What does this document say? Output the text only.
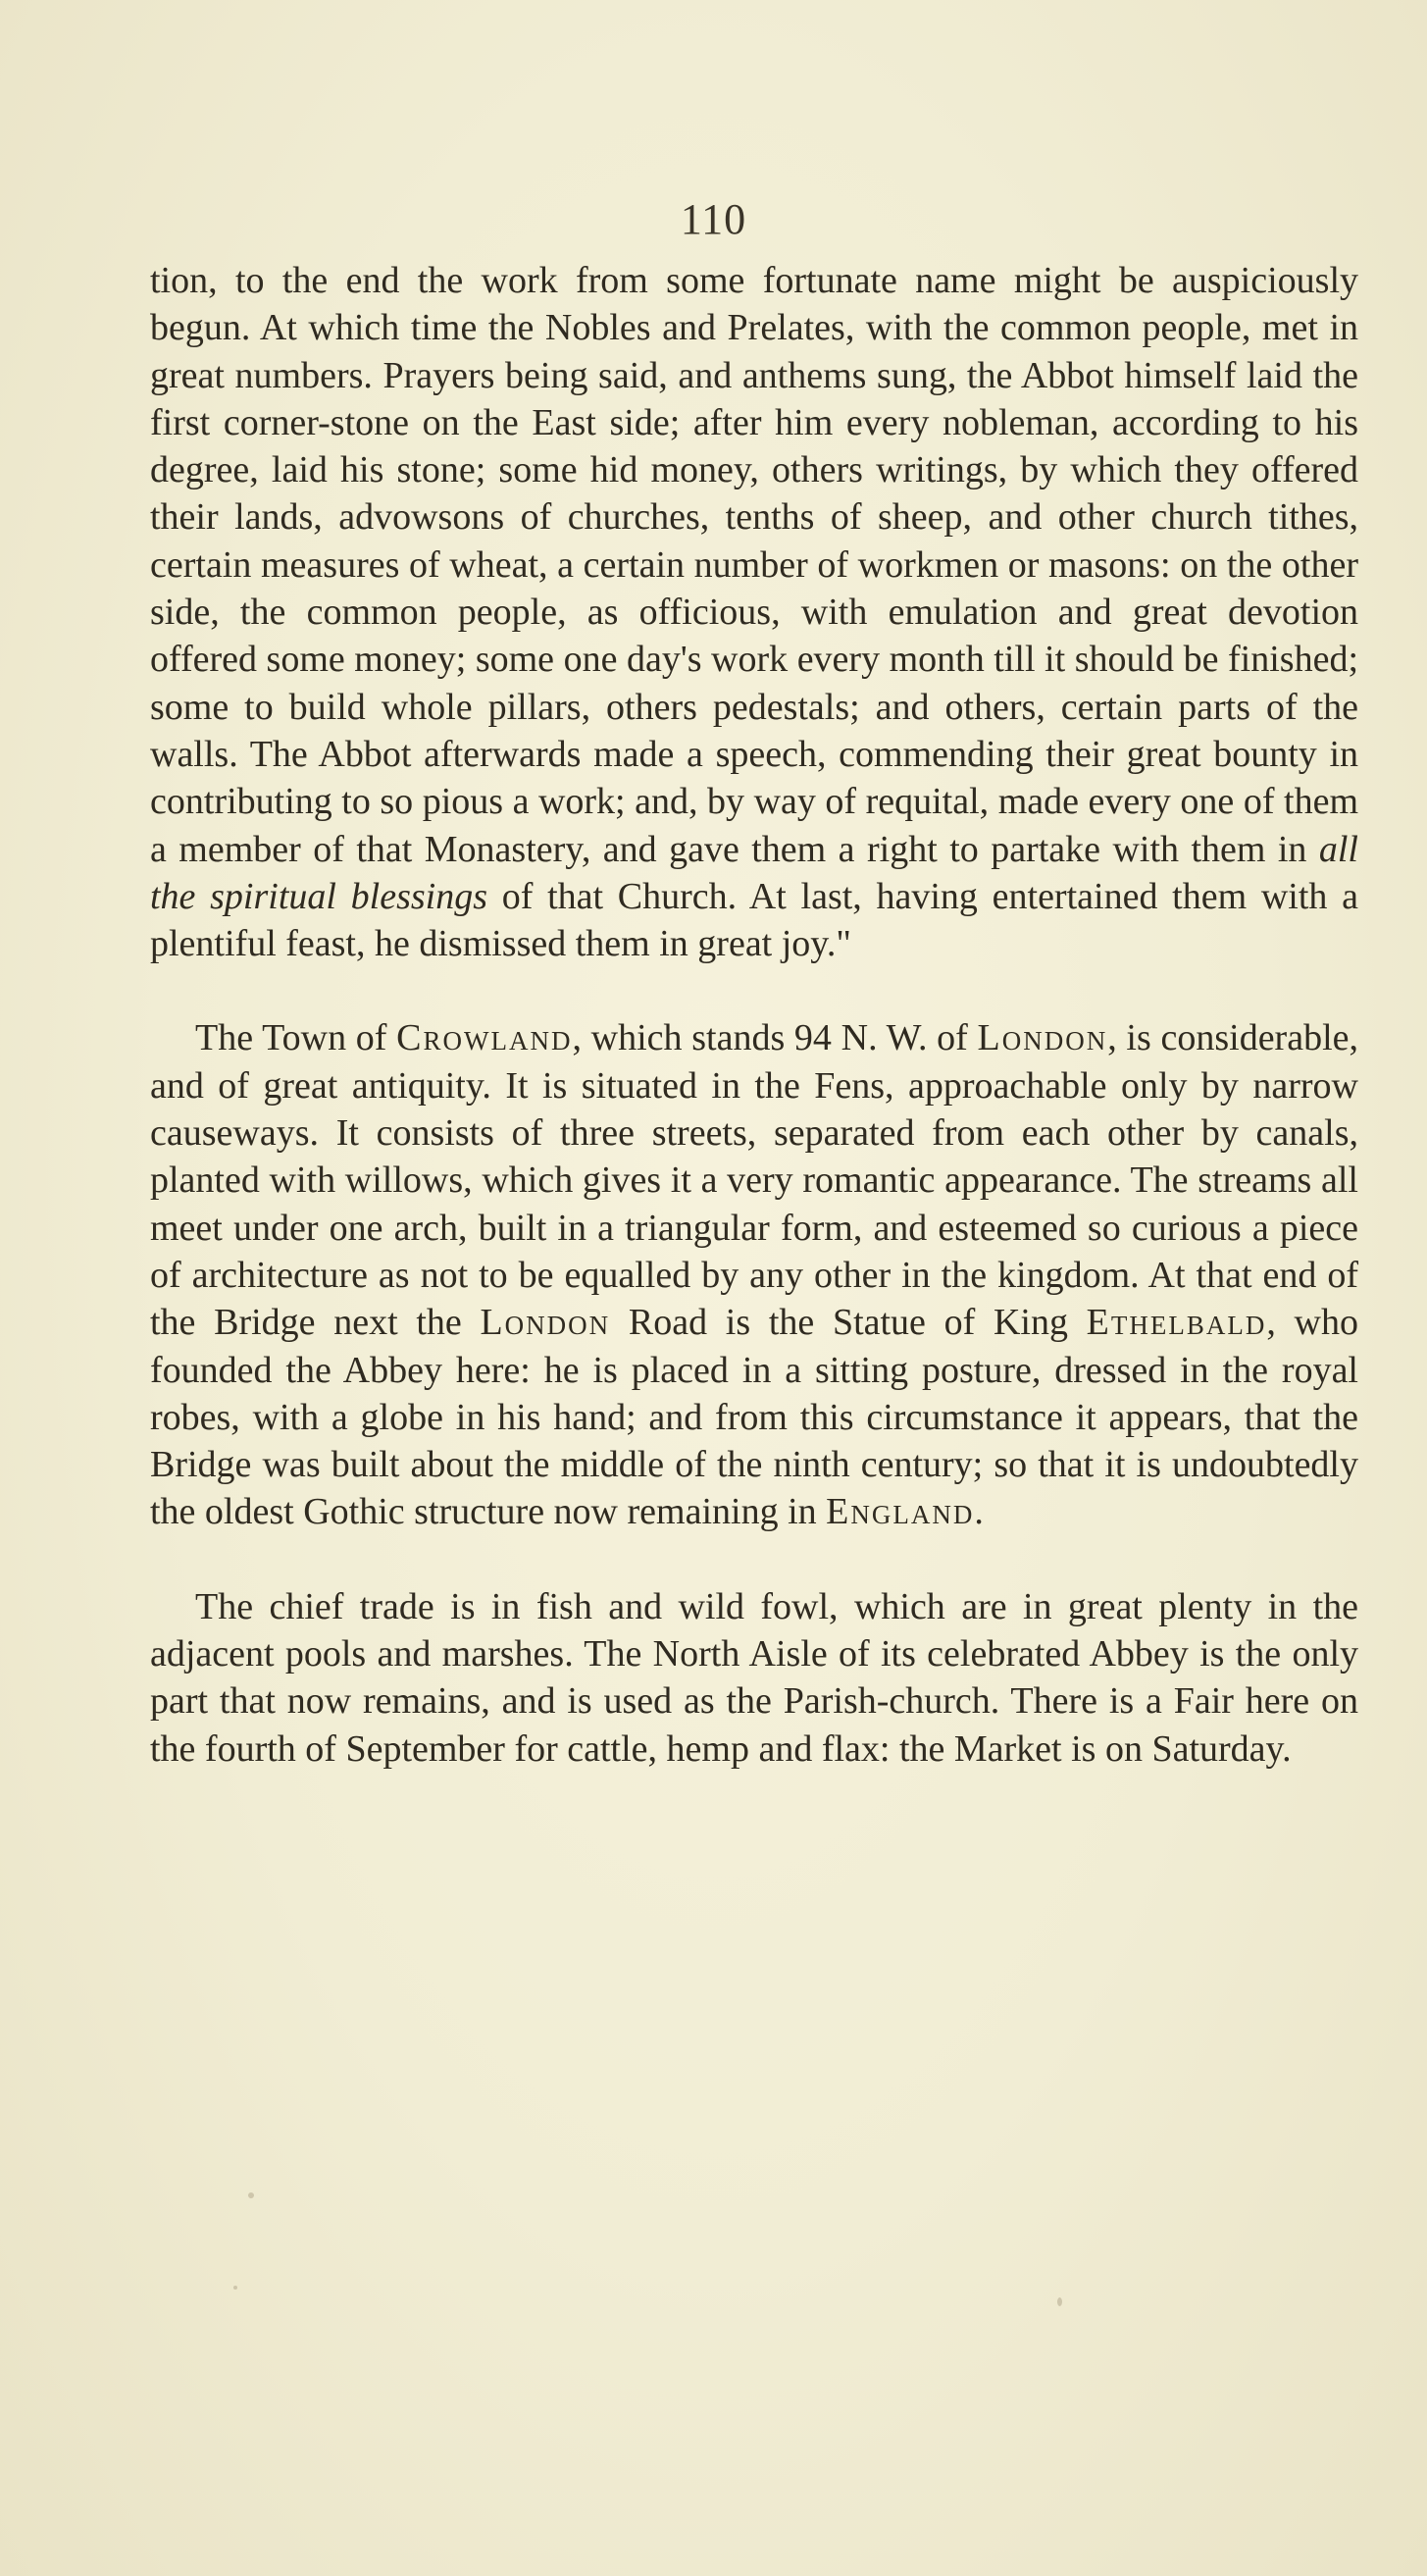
110

tion, to the end the work from some fortunate name might be auspiciously begun. At which time the Nobles and Prelates, with the common people, met in great numbers. Prayers being said, and anthems sung, the Abbot himself laid the first corner-stone on the East side; after him every nobleman, according to his degree, laid his stone; some hid money, others writings, by which they offered their lands, advowsons of churches, tenths of sheep, and other church tithes, certain measures of wheat, a certain number of workmen or masons: on the other side, the common people, as officious, with emulation and great devotion offered some money; some one day's work every month till it should be finished; some to build whole pillars, others pedestals; and others, certain parts of the walls. The Abbot afterwards made a speech, commending their great bounty in contributing to so pious a work; and, by way of requital, made every one of them a member of that Monastery, and gave them a right to partake with them in all the spiritual blessings of that Church. At last, having entertained them with a plentiful feast, he dismissed them in great joy."

The Town of Crowland, which stands 94 N. W. of London, is considerable, and of great antiquity. It is situated in the Fens, approachable only by narrow causeways. It consists of three streets, separated from each other by canals, planted with willows, which gives it a very romantic appearance. The streams all meet under one arch, built in a triangular form, and esteemed so curious a piece of architecture as not to be equalled by any other in the kingdom. At that end of the Bridge next the London Road is the Statue of King Ethelbald, who founded the Abbey here: he is placed in a sitting posture, dressed in the royal robes, with a globe in his hand; and from this circumstance it appears, that the Bridge was built about the middle of the ninth century; so that it is undoubtedly the oldest Gothic structure now remaining in England.

The chief trade is in fish and wild fowl, which are in great plenty in the adjacent pools and marshes. The North Aisle of its celebrated Abbey is the only part that now remains, and is used as the Parish-church. There is a Fair here on the fourth of September for cattle, hemp and flax: the Market is on Saturday.
